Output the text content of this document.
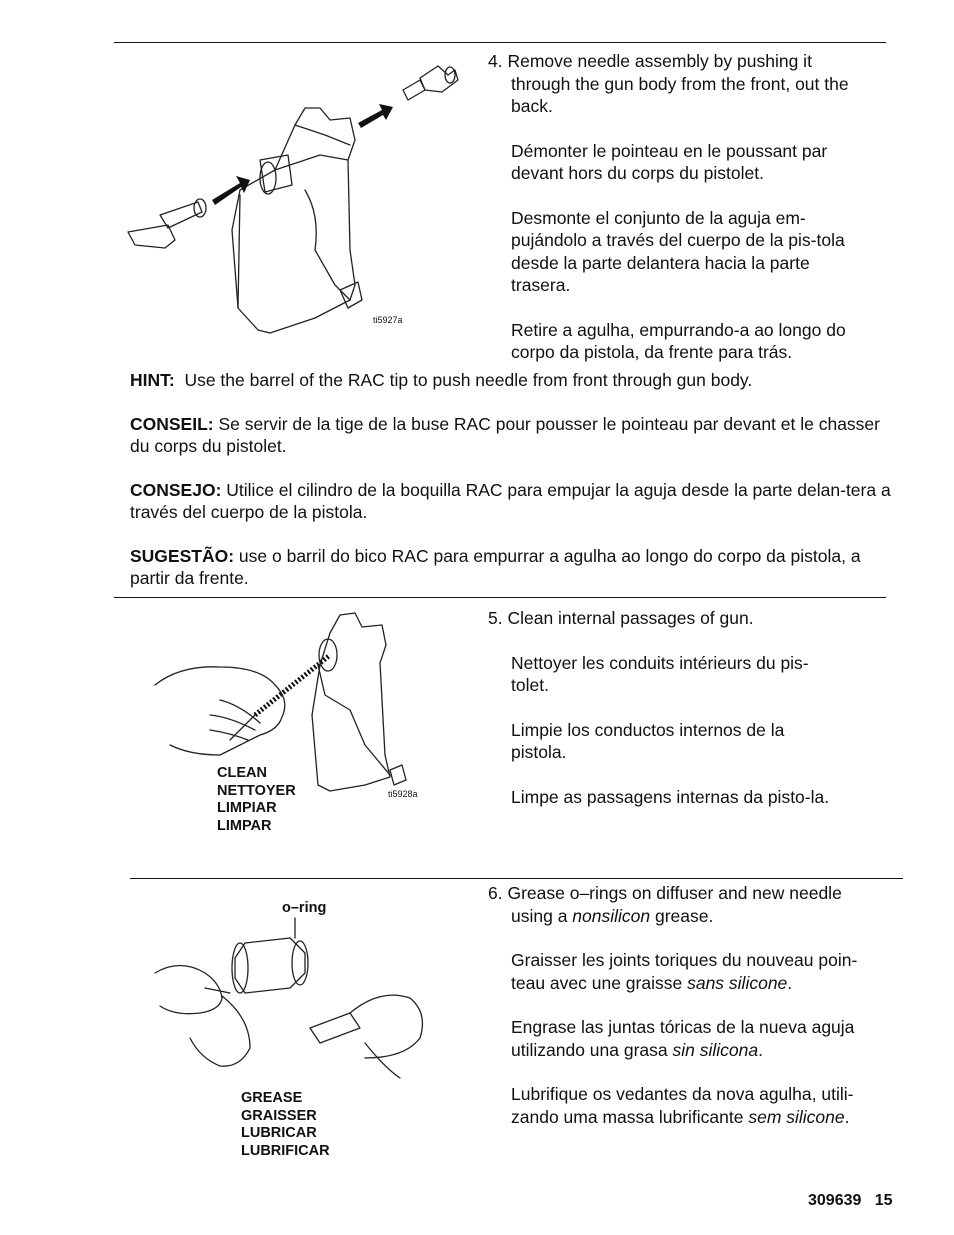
ti5927a

4. Remove needle assembly by pushing it through the gun body from the front, out the back.

Démonter le pointeau en le poussant par devant hors du corps du pistolet.

Desmonte el conjunto de la aguja em-pujándolo a través del cuerpo de la pis-tola desde la parte delantera hacia la parte trasera.

Retire a agulha, empurrando-a ao longo do corpo da pistola, da frente para trás.

HINT: Use the barrel of the RAC tip to push needle from front through gun body.

CONSEIL: Se servir de la tige de la buse RAC pour pousser le pointeau par devant et le chasser du corps du pistolet.

CONSEJO: Utilice el cilindro de la boquilla RAC para empujar la aguja desde la parte delan-tera a través del cuerpo de la pistola.

SUGESTÃO: use o barril do bico RAC para empurrar a agulha ao longo do corpo da pistola, a partir da frente.

CLEAN
NETTOYER
LIMPIAR
LIMPAR
ti5928a

5. Clean internal passages of gun.

Nettoyer les conduits intérieurs du pis-tolet.

Limpie los conductos internos de la pistola.

Limpe as passagens internas da pisto-la.

o–ring
GREASE
GRAISSER
LUBRICAR
LUBRIFICAR

6. Grease o–rings on diffuser and new needle using a nonsilicon grease.

Graisser les joints toriques du nouveau poin-teau avec une graisse sans silicone.

Engrase las juntas tóricas de la nueva aguja utilizando una grasa sin silicona.

Lubrifique os vedantes da nova agulha, utili-zando uma massa lubrificante sem silicone.

309639 15
